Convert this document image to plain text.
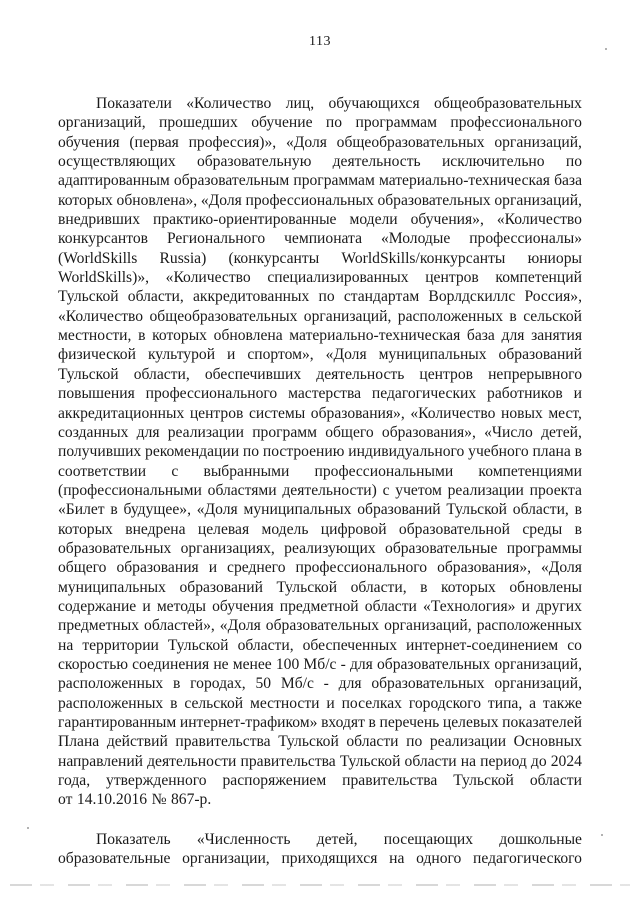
113
Показатели «Количество лиц, обучающихся общеобразовательных
организаций, прошедших обучение по программам профессионального
обучения (первая профессия)», «Доля общеобразовательных организаций,
осуществляющих образовательную деятельность исключительно по
адаптированным образовательным программам материально-техническая база
которых обновлена», «Доля профессиональных образовательных организаций,
внедривших практико-ориентированные модели обучения», «Количество
конкурсантов Регионального чемпионата «Молодые профессионалы»
(WorldSkills Russia) (конкурсанты WorldSkills/конкурсанты юниоры
WorldSkills)», «Количество специализированных центров компетенций
Тульской области, аккредитованных по стандартам Ворлдскиллс Россия»,
«Количество общеобразовательных организаций, расположенных в сельской
местности, в которых обновлена материально-техническая база для занятия
физической культурой и спортом», «Доля муниципальных образований
Тульской области, обеспечивших деятельность центров непрерывного
повышения профессионального мастерства педагогических работников и
аккредитационных центров системы образования», «Количество новых мест,
созданных для реализации программ общего образования», «Число детей,
получивших рекомендации по построению индивидуального учебного плана в
соответствии с выбранными профессиональными компетенциями
(профессиональными областями деятельности) с учетом реализации проекта
«Билет в будущее», «Доля муниципальных образований Тульской области, в
которых внедрена целевая модель цифровой образовательной среды в
образовательных организациях, реализующих образовательные программы
общего образования и среднего профессионального образования», «Доля
муниципальных образований Тульской области, в которых обновлены
содержание и методы обучения предметной области «Технология» и других
предметных областей», «Доля образовательных организаций, расположенных
на территории Тульской области, обеспеченных интернет-соединением со
скоростью соединения не менее 100 Мб/с - для образовательных организаций,
расположенных в городах, 50 Мб/с - для образовательных организаций,
расположенных в сельской местности и поселках городского типа, а также
гарантированным интернет-трафиком» входят в перечень целевых показателей
Плана действий правительства Тульской области по реализации Основных
направлений деятельности правительства Тульской области на период до 2024
года, утвержденного распоряжением правительства Тульской области
от 14.10.2016 № 867-р.
Показатель «Численность детей, посещающих дошкольные
образовательные организации, приходящихся на одного педагогического
